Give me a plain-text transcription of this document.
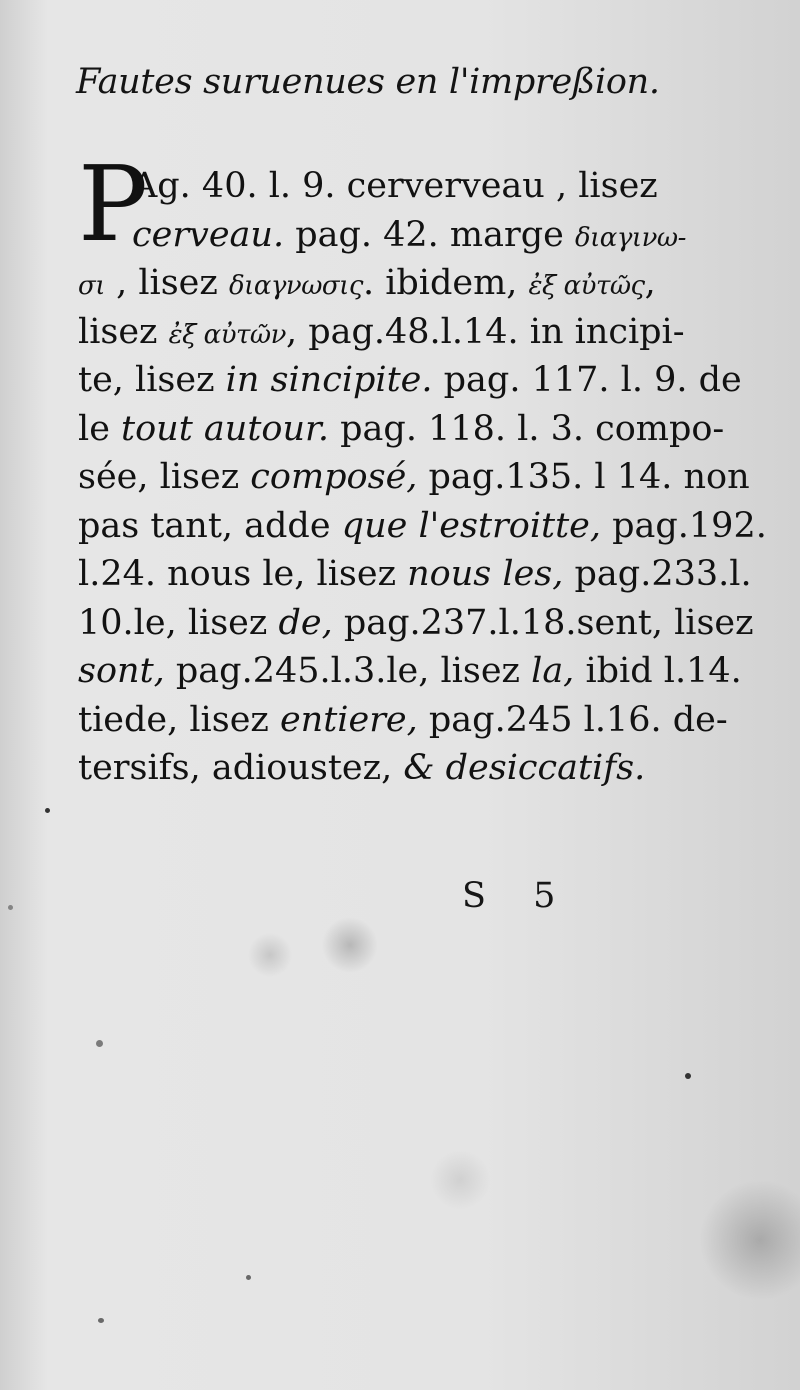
Fautes suruenues en l'impreßion.
P
Ag. 40. l. 9. cerverveau , lisez
cerveau. pag. 42. marge διαγινω-
σι , lisez διαγνωσις. ibidem, ἐξ αὐτῶς,
lisez ἐξ αὐτῶν, pag.48.l.14. in incipi-
te, lisez in sincipite. pag. 117. l. 9. de
le tout autour. pag. 118. l. 3. compo-
sée, lisez composé, pag.135. l 14. non
pas tant, adde que l'estroitte, pag.192.
l.24. nous le, lisez nous les, pag.233.l.
10.le, lisez de, pag.237.l.18.sent, lisez
sont, pag.245.l.3.le, lisez la, ibid l.14.
tiede, lisez entiere, pag.245 l.16. de-
tersifs, adioustez, & desiccatifs.
S 5
